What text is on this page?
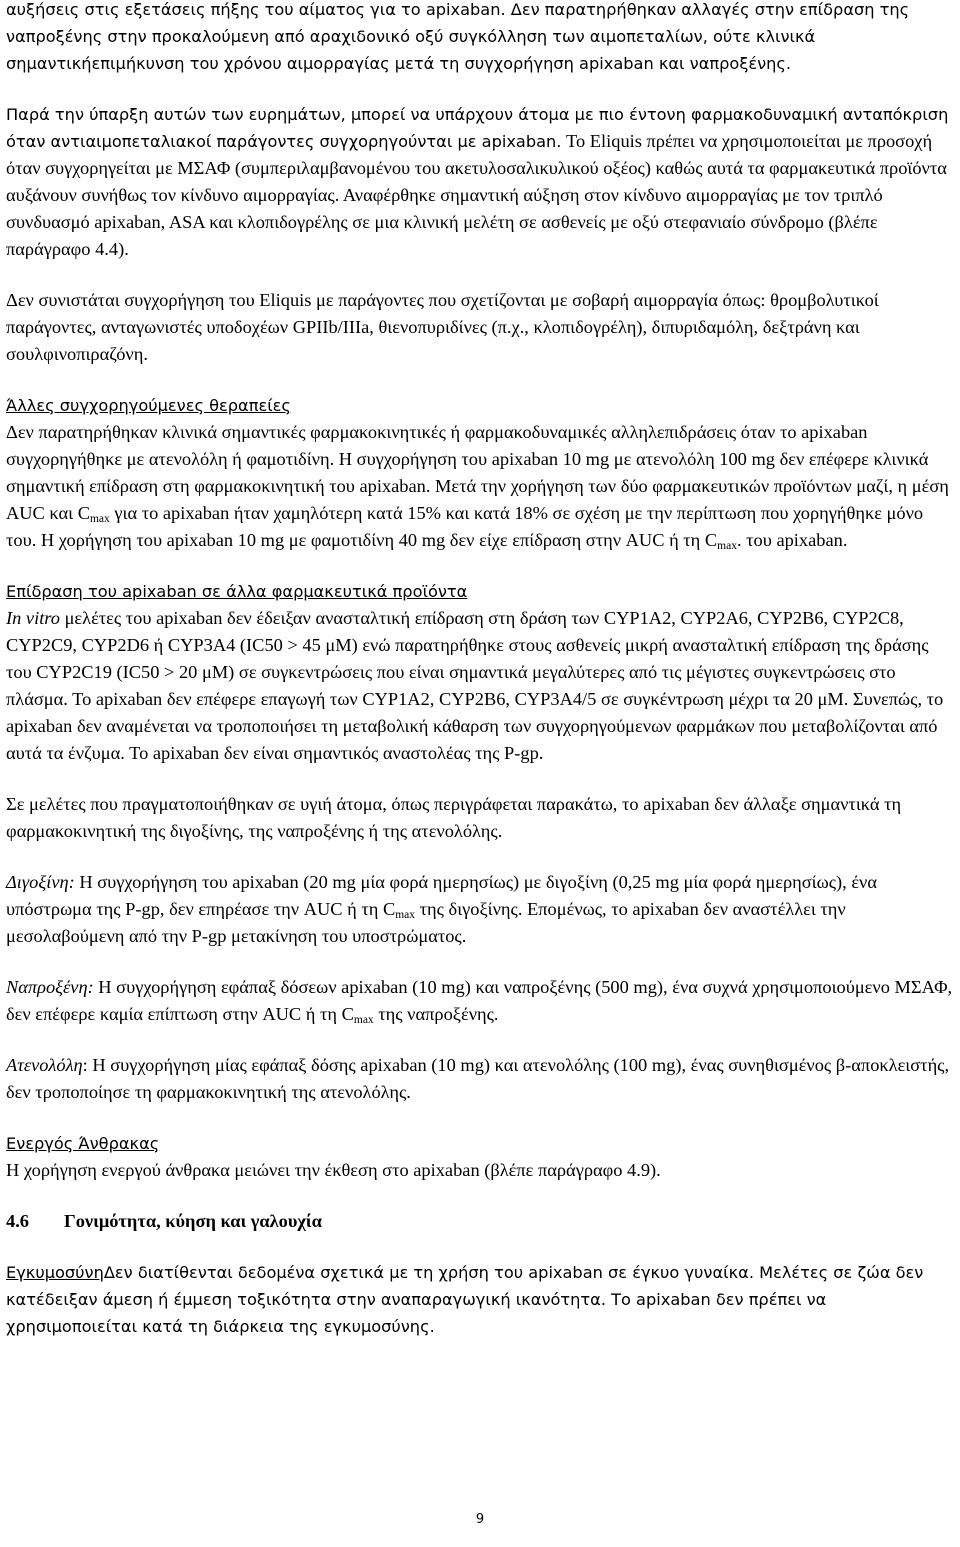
αυξήσεις στις εξετάσεις πήξης του αίματος για το apixaban. Δεν παρατηρήθηκαν αλλαγές στην επίδραση της ναπροξένης στην προκαλούμενη από αραχιδονικό οξύ συγκόλληση των αιμοπεταλίων, ούτε κλινικά σημαντικήεπιμήκυνση του χρόνου αιμορραγίας μετά τη συγχορήγηση apixaban και ναπροξένης.

Παρά την ύπαρξη αυτών των ευρημάτων, μπορεί να υπάρχουν άτομα με πιο έντονη φαρμακοδυναμική ανταπόκριση όταν αντιαιμοπεταλιακοί παράγοντες συγχορηγούνται με apixaban. Το Eliquis πρέπει να χρησιμοποιείται με προσοχή όταν συγχορηγείται με ΜΣΑΦ (συμπεριλαμβανομένου του ακετυλοσαλικυλικού οξέος) καθώς αυτά τα φαρμακευτικά προϊόντα αυξάνουν συνήθως τον κίνδυνο αιμορραγίας. Αναφέρθηκε σημαντική αύξηση στον κίνδυνο αιμορραγίας με τον τριπλό συνδυασμό apixaban, ASA και κλοπιδογρέλης σε μια κλινική μελέτη σε ασθενείς με οξύ στεφανιαίο σύνδρομο (βλέπε παράγραφο 4.4).

Δεν συνιστάται συγχορήγηση του Eliquis με παράγοντες που σχετίζονται με σοβαρή αιμορραγία όπως: θρομβολυτικοί παράγοντες, ανταγωνιστές υποδοχέων GPIIb/IIIa, θιενοπυριδίνες (π.χ., κλοπιδογρέλη), διπυριδαμόλη, δεξτράνη και σουλφινοπιραζόνη.

Άλλες συγχορηγούμενες θεραπείες

Δεν παρατηρήθηκαν κλινικά σημαντικές φαρμακοκινητικές ή φαρμακοδυναμικές αλληλεπιδράσεις όταν το apixaban συγχορηγήθηκε με ατενολόλη ή φαμοτιδίνη. Η συγχορήγηση του apixaban 10 mg με ατενολόλη 100 mg δεν επέφερε κλινικά σημαντική επίδραση στη φαρμακοκινητική του apixaban. Μετά την χορήγηση των δύο φαρμακευτικών προϊόντων μαζί, η μέση AUC και $C_{max}$ για το apixaban ήταν χαμηλότερη κατά 15% και κατά 18% σε σχέση με την περίπτωση που χορηγήθηκε μόνο του. Η χορήγηση του apixaban 10 mg με φαμοτιδίνη 40 mg δεν είχε επίδραση στην AUC ή τη $C_{max}$. του apixaban.

Επίδραση του apixaban σε άλλα φαρμακευτικά προϊόντα

In vitro μελέτες του apixaban δεν έδειξαν ανασταλτική επίδραση στη δράση των CYP1A2, CYP2A6, CYP2B6, CYP2C8, CYP2C9, CYP2D6 ή CYP3A4 (IC50 > 45 μM) ενώ παρατηρήθηκε στους ασθενείς μικρή ανασταλτική επίδραση της δράσης του CYP2C19 (IC50 > 20 μM) σε συγκεντρώσεις που είναι σημαντικά μεγαλύτερες από τις μέγιστες συγκεντρώσεις στο πλάσμα. Το apixaban δεν επέφερε επαγωγή των CYP1A2, CYP2B6, CYP3A4/5 σε συγκέντρωση μέχρι τα 20 μM. Συνεπώς, το apixaban δεν αναμένεται να τροποποιήσει τη μεταβολική κάθαρση των συγχορηγούμενων φαρμάκων που μεταβολίζονται από αυτά τα ένζυμα. Το apixaban δεν είναι σημαντικός αναστολέας της P-gp.

Σε μελέτες που πραγματοποιήθηκαν σε υγιή άτομα, όπως περιγράφεται παρακάτω, το apixaban δεν άλλαξε σημαντικά τη φαρμακοκινητική της διγοξίνης, της ναπροξένης ή της ατενολόλης.

Διγοξίνη: Η συγχορήγηση του apixaban (20 mg μία φορά ημερησίως) με διγοξίνη (0,25 mg μία φορά ημερησίως), ένα υπόστρωμα της P-gp, δεν επηρέασε την AUC ή τη $C_{max}$ της διγοξίνης. Επομένως, το apixaban δεν αναστέλλει την μεσολαβούμενη από την P-gp μετακίνηση του υποστρώματος.

Ναπροξένη: Η συγχορήγηση εφάπαξ δόσεων apixaban (10 mg) και ναπροξένης (500 mg), ένα συχνά χρησιμοποιούμενο ΜΣΑΦ, δεν επέφερε καμία επίπτωση στην AUC ή τη $C_{max}$ της ναπροξένης.

Ατενολόλη: Η συγχορήγηση μίας εφάπαξ δόσης apixaban (10 mg) και ατενολόλης (100 mg), ένας συνηθισμένος β-αποκλειστής, δεν τροποποίησε τη φαρμακοκινητική της ατενολόλης.

Ενεργός Άνθρακας

Η χορήγηση ενεργού άνθρακα μειώνει την έκθεση στο apixaban (βλέπε παράγραφο 4.9).

4.6 Γονιμότητα, κύηση και γαλουχία

ΕγκυμοσύνηΔεν διατίθενται δεδομένα σχετικά με τη χρήση του apixaban σε έγκυο γυναίκα. Μελέτες σε ζώα δεν κατέδειξαν άμεση ή έμμεση τοξικότητα στην αναπαραγωγική ικανότητα. Το apixaban δεν πρέπει να χρησιμοποιείται κατά τη διάρκεια της εγκυμοσύνης.

9
